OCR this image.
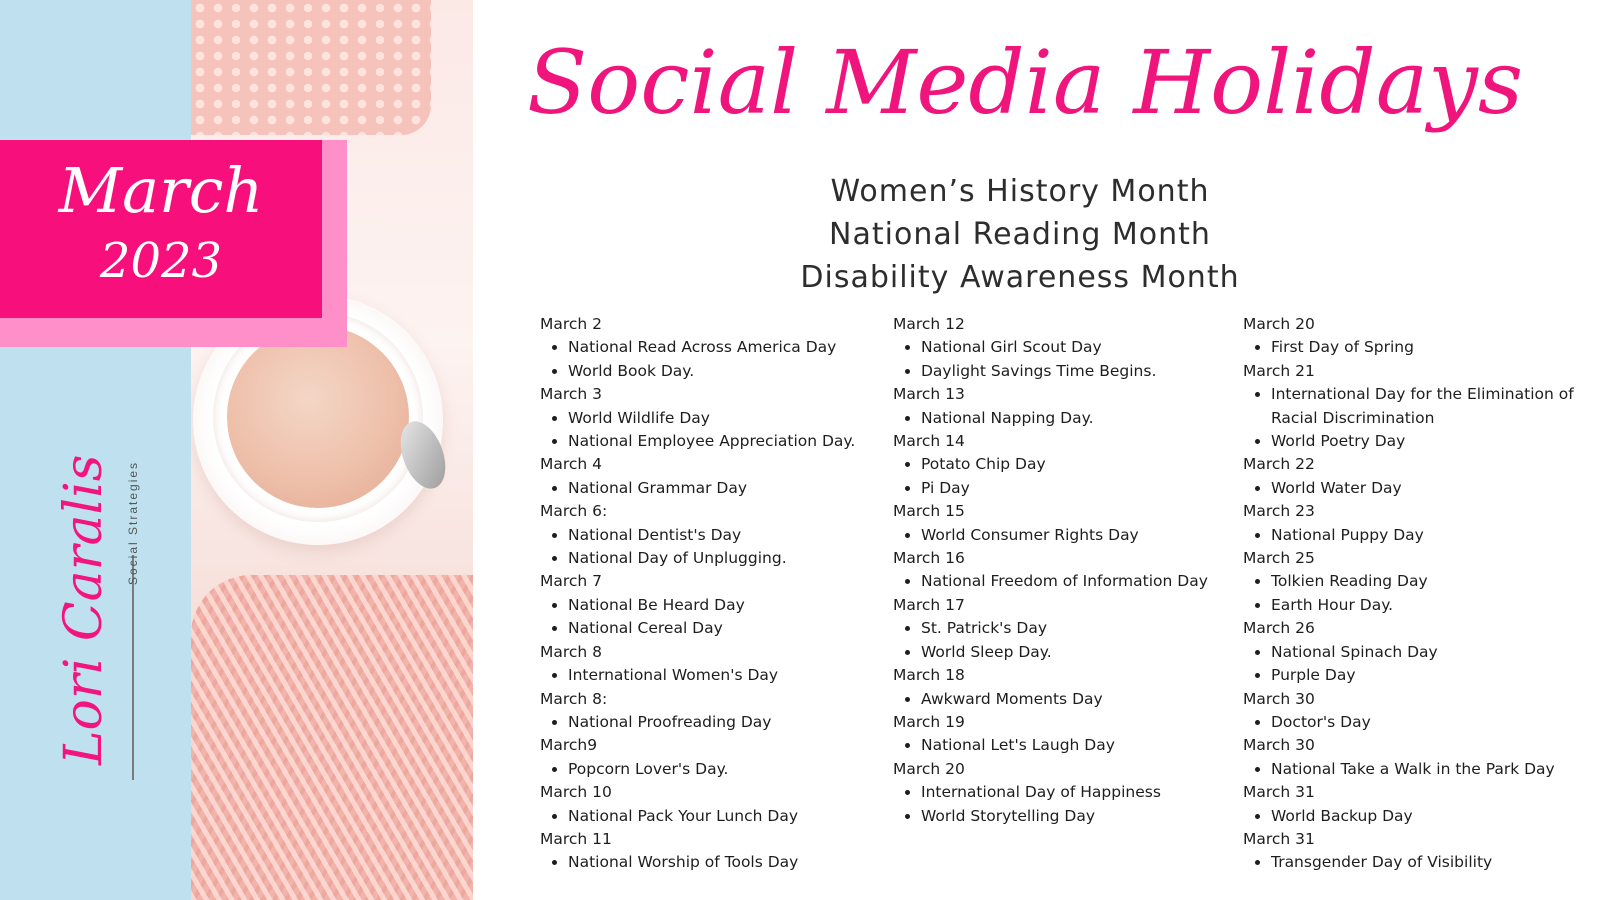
March
2023
Lori Caralis Social Strategies
Social Media Holidays
Women’s History Month
National Reading Month
Disability Awareness Month

March 2

• National Read Across America Day
• World Book Day.

March 3

• World Wildlife Day
• National Employee Appreciation Day.

March 4

• National Grammar Day

March 6:

• National Dentist's Day
• National Day of Unplugging.

March 7

• National Be Heard Day
• National Cereal Day

March 8

• International Women's Day

March 8:

• National Proofreading Day

March9

• Popcorn Lover's Day.

March 10

• National Pack Your Lunch Day

March 11

• National Worship of Tools Day

March 12

• National Girl Scout Day
• Daylight Savings Time Begins.

March 13

• National Napping Day.

March 14

• Potato Chip Day
• Pi Day

March 15

• World Consumer Rights Day

March 16

• National Freedom of Information Day

March 17

• St. Patrick's Day
• World Sleep Day.

March 18

• Awkward Moments Day

March 19

• National Let's Laugh Day

March 20

• International Day of Happiness
• World Storytelling Day

March 20

• First Day of Spring

March 21

• International Day for the Elimination of Racial Discrimination
• World Poetry Day

March 22

• World Water Day

March 23

• National Puppy Day

March 25

• Tolkien Reading Day
• Earth Hour Day.

March 26

• National Spinach Day
• Purple Day

March 30

• Doctor's Day

March 30

• National Take a Walk in the Park Day

March 31

• World Backup Day

March 31

• Transgender Day of Visibility
